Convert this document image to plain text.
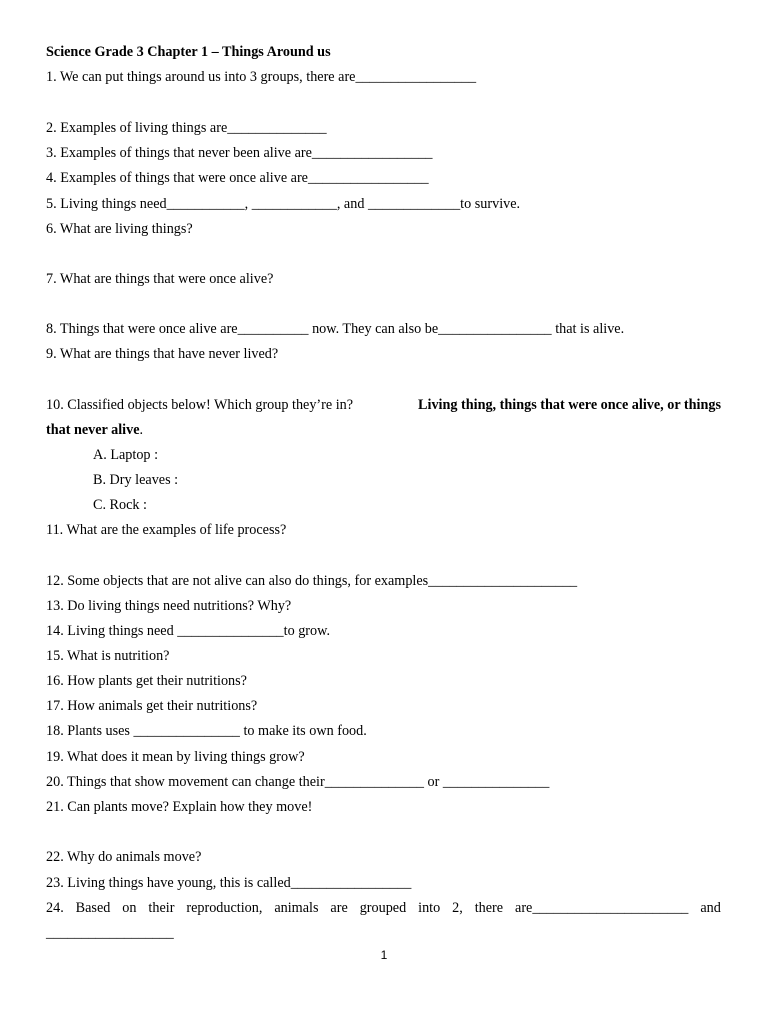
Science Grade 3 Chapter 1 – Things Around us
1. We can put things around us into 3 groups, there are_________________
2. Examples of living things are______________
3. Examples of things that never been alive are_________________
4. Examples of things that were once alive are_________________
5. Living things need___________, ____________, and _____________to survive.
6. What are living things?
7. What are things that were once alive?
8. Things that were once alive are__________ now. They can also be________________ that is alive.
9. What are things that have never lived?
10. Classified objects below! Which group they’re in?	Living thing, things that were once alive, or things
that never alive.
A. Laptop :
B. Dry leaves :
C. Rock :
11. What are the examples of life process?
12. Some objects that are not alive can also do things, for examples_____________________
13. Do living things need nutritions? Why?
14. Living things need _______________to grow.
15. What is nutrition?
16. How plants get their nutritions?
17. How animals get their nutritions?
18. Plants uses _______________ to make its own food.
19. What does it mean by living things grow?
20. Things that show movement can change their______________ or _______________
21. Can plants move? Explain how they move!
22. Why do animals move?
23. Living things have young, this is called_________________
24. Based on their reproduction, animals are grouped into 2, there are______________________ and
__________________
1
